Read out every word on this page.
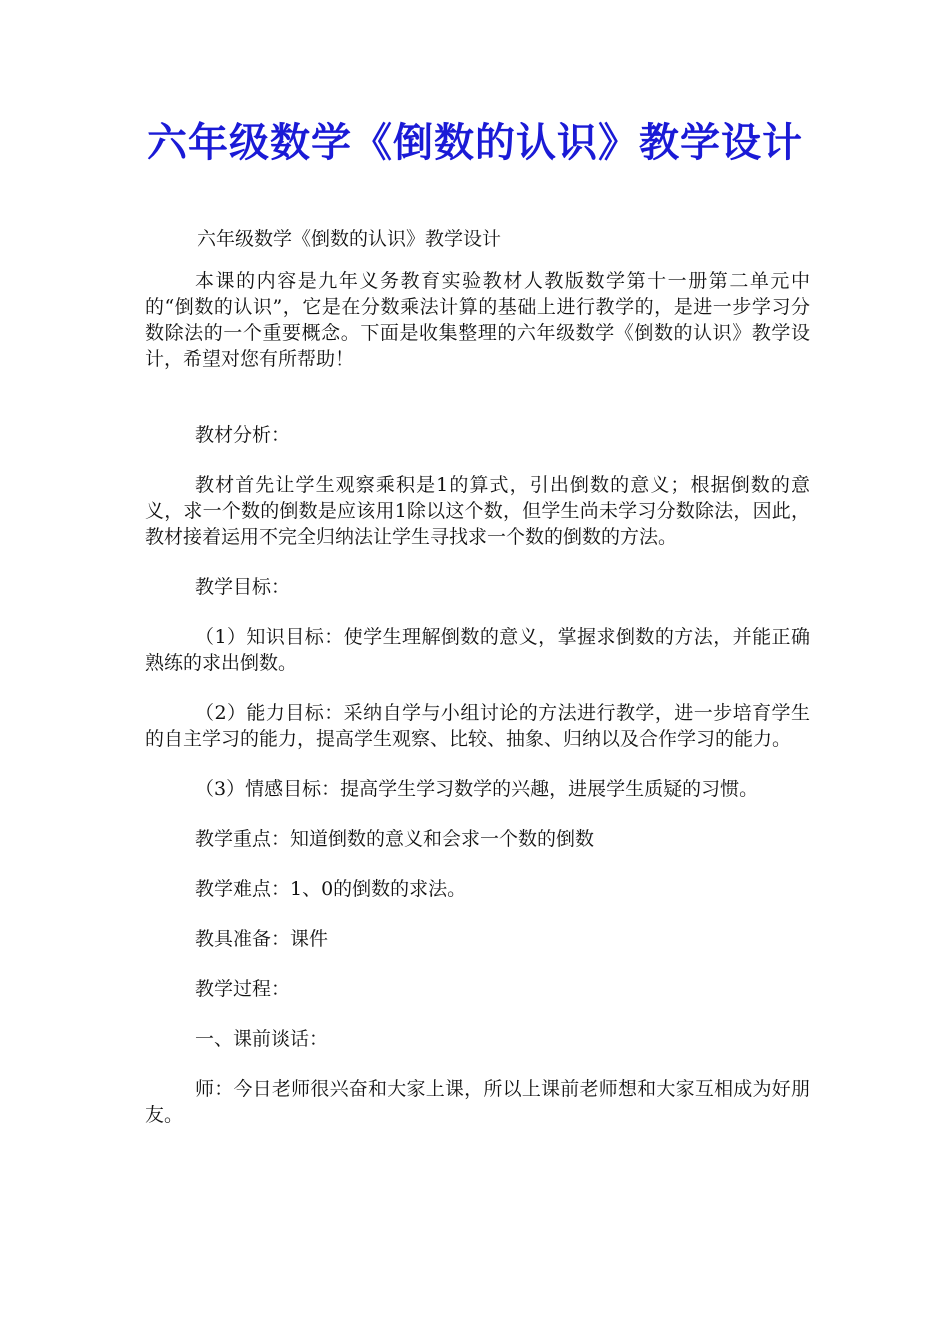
六年级数学《倒数的认识》教学设计

六年级数学《倒数的认识》教学设计

本课的内容是九年义务教育实验教材人教版数学第十一册第二单元中的“倒数的认识”，它是在分数乘法计算的基础上进行教学的，是进一步学习分数除法的一个重要概念。下面是收集整理的六年级数学《倒数的认识》教学设计，希望对您有所帮助！

教材分析：

教材首先让学生观察乘积是1的算式，引出倒数的意义；根据倒数的意义，求一个数的倒数是应该用1除以这个数，但学生尚未学习分数除法，因此，教材接着运用不完全归纳法让学生寻找求一个数的倒数的方法。

教学目标：

（1）知识目标：使学生理解倒数的意义，掌握求倒数的方法，并能正确熟练的求出倒数。

（2）能力目标：采纳自学与小组讨论的方法进行教学，进一步培育学生的自主学习的能力，提高学生观察、比较、抽象、归纳以及合作学习的能力。

（3）情感目标：提高学生学习数学的兴趣，进展学生质疑的习惯。

教学重点：知道倒数的意义和会求一个数的倒数

教学难点：1、0的倒数的求法。

教具准备：课件

教学过程：

一、课前谈话：

师：今日老师很兴奋和大家上课，所以上课前老师想和大家互相成为好朋友。
